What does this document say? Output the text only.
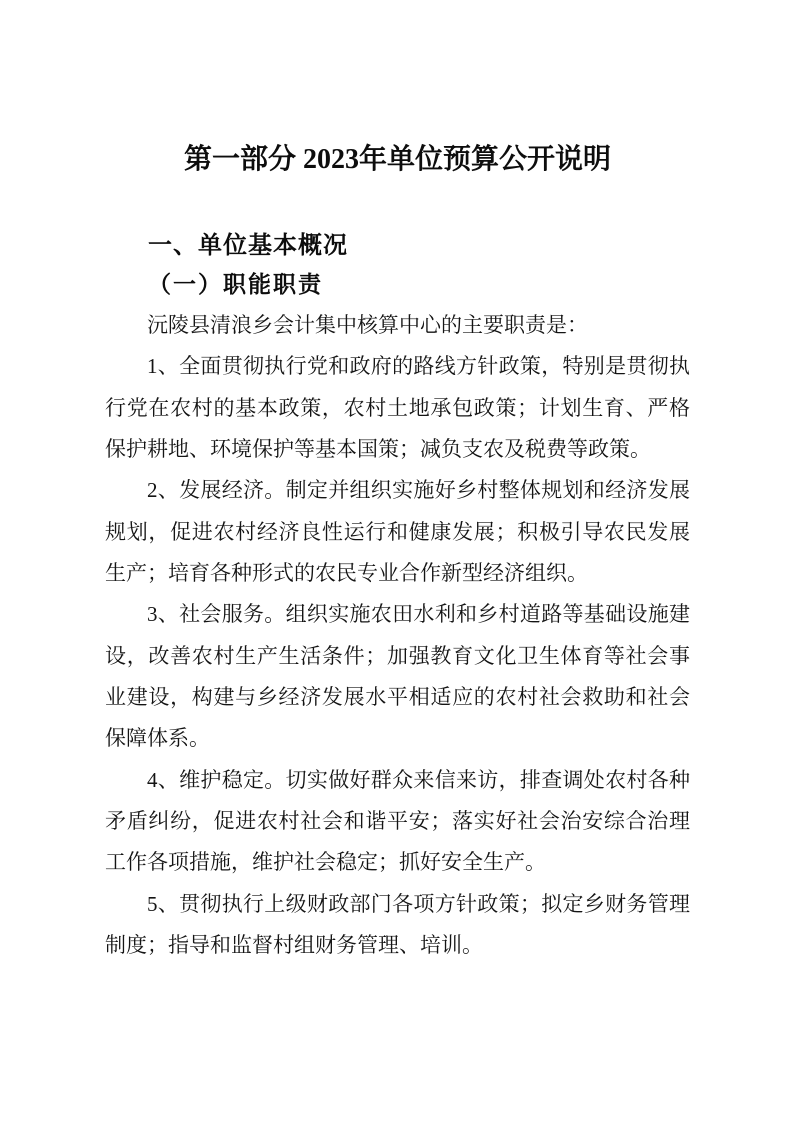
第一部分 2023年单位预算公开说明
一、单位基本概况
（一）职能职责

沅陵县清浪乡会计集中核算中心的主要职责是：

1、全面贯彻执行党和政府的路线方针政策，特别是贯彻执行党在农村的基本政策，农村土地承包政策；计划生育、严格保护耕地、环境保护等基本国策；减负支农及税费等政策。

2、发展经济。制定并组织实施好乡村整体规划和经济发展规划，促进农村经济良性运行和健康发展；积极引导农民发展生产；培育各种形式的农民专业合作新型经济组织。

3、社会服务。组织实施农田水利和乡村道路等基础设施建设，改善农村生产生活条件；加强教育文化卫生体育等社会事业建设，构建与乡经济发展水平相适应的农村社会救助和社会保障体系。

4、维护稳定。切实做好群众来信来访，排查调处农村各种矛盾纠纷，促进农村社会和谐平安；落实好社会治安综合治理工作各项措施，维护社会稳定；抓好安全生产。

5、贯彻执行上级财政部门各项方针政策；拟定乡财务管理制度；指导和监督村组财务管理、培训。
